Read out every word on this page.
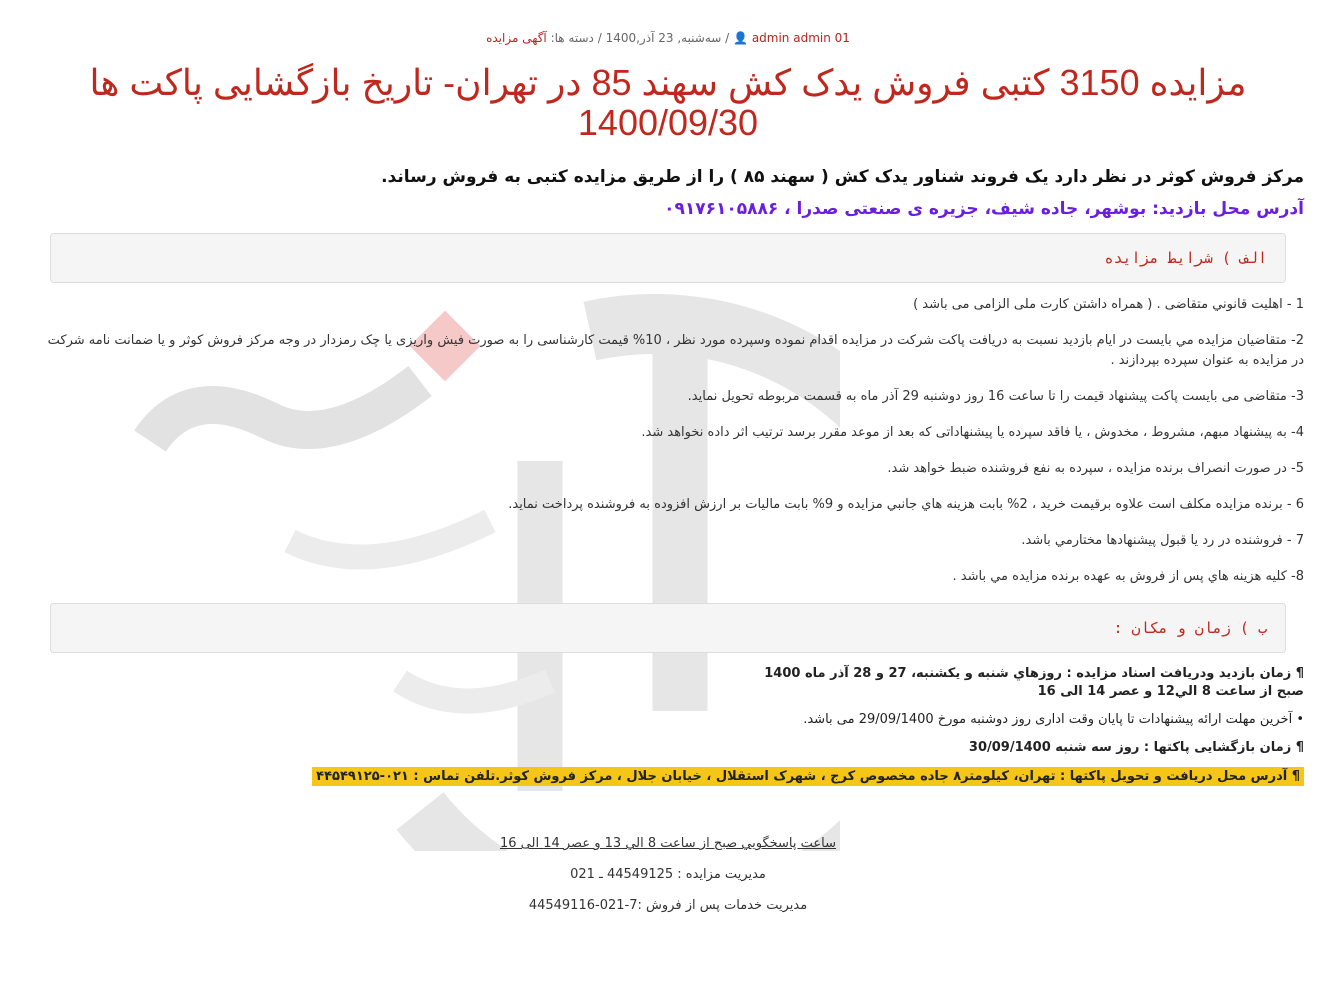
admin admin 01 👤 / سه‌شنبه, 23 آذر,1400 / دسته ها: آگهی مزایده
مزایده 3150 کتبی فروش یدک کش سهند 85 در تهران- تاریخ بازگشایی پاکت ها 1400/09/30
مرکز فروش کوثر در نظر دارد یک فروند شناور یدک کش ( سهند ۸۵ ) را از طریق مزایده کتبی به فروش رساند.
آدرس محل بازدید: بوشهر، جاده شیف، جزیره ی صنعتی صدرا ، ۰۹۱۷۶۱۰۵۸۸۶
الف ) شرایط مزایده

1 - اهليت قانوني متقاضی . ( همراه داشتن کارت ملی الزامی می باشد )

2- متقاضيان مزايده مي بايست در ايام بازديد نسبت به دریافت پاکت شرکت در مزایده اقدام نموده وسپرده مورد نظر ، 10% قیمت کارشناسی را به صورت فیش واریزی یا چک رمزدار در وجه مرکز فروش کوثر و یا ضمانت نامه شرکت در مزایده به عنوان سپرده بپردازند .

3- متقاضی می بایست پاکت پیشنهاد قیمت را تا ساعت 16 روز دوشنبه 29 آذر ماه به قسمت مربوطه تحویل نماید.

4- به پيشنهاد مبهم، مشروط ، مخدوش ، يا فاقد سپرده يا پيشنهاداتی که بعد از موعد مقرر برسد ترتيب اثر داده نخواهد شد.

5- در صورت انصراف برنده مزايده ، سپرده به نفع فروشنده ضبط خواهد شد.

6 - برنده مزايده مكلف است علاوه برقيمت خريد ، 2% بابت هزينه هاي جانبي مزايده و 9% بابت ماليات بر ارزش افزوده به فروشنده پرداخت نمايد.

7 - فروشنده در رد يا قبول پيشنهادها مختارمي باشد.

8- كليه هزينه هاي پس از فروش به عهده برنده مزايده مي باشد .

ب ) زمان و مکان :

¶ زمان بازديد ودريافت اسناد مزايده : روزهاي شنبه و يكشنبه، 27 و 28 آذر ماه 1400
صبح از ساعت 8 الي12 و عصر 14 الی 16

• آخرین مهلت ارائه پیشنهادات تا پایان وقت اداری روز دوشنبه مورخ 29/09/1400 می باشد.

¶ زمان بازگشایی پاکتها : روز سه شنبه 30/09/1400

¶ آدرس محل دریافت و تحویل پاکتها : تهران، کیلومتر۸ جاده مخصوص کرج ، شهرک استقلال ، خیابان جلال ، مرکز فروش کوثر.تلفن تماس : ۰۲۱-۴۴۵۴۹۱۲۵

ساعت پاسخگويي صبح از ساعت 8 الي 13 و عصر 14 الی 16

مدیریت مزایده : 44549125 ـ 021

مدیریت خدمات پس از فروش :7-021-44549116
